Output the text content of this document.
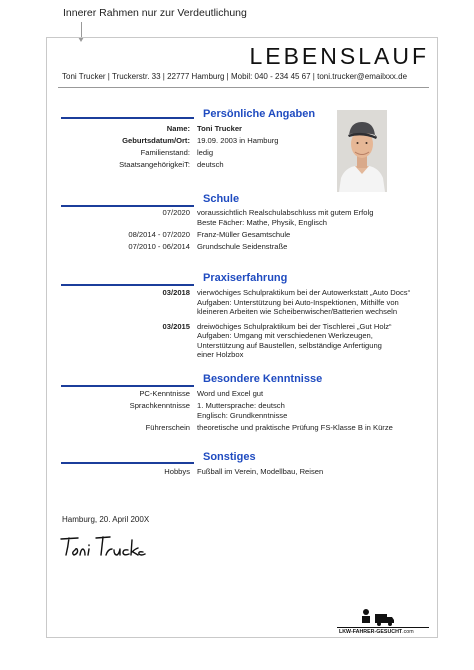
Innerer Rahmen nur zur Verdeutlichung
LEBENSLAUF
Toni Trucker | Truckerstr. 33 | 22777 Hamburg | Mobil: 040 - 234 45 67 | toni.trucker@emailxxx.de
Persönliche Angaben
Name: Toni Trucker
Geburtsdatum/Ort: 19.09. 2003 in Hamburg
Familienstand: ledig
StaatsangehörigkeiT: deutsch
Schule
07/2020 voraussichtlich Realschulabschluss mit gutem Erfolg
Beste Fächer: Mathe, Physik, Englisch
08/2014 - 07/2020 Franz-Müller Gesamtschule
07/2010 - 06/2014 Grundschule Seidenstraße
Praxiserfahrung
03/2018 vierwöchiges Schulpraktikum bei der Autowerkstatt „Auto Docs“
Aufgaben: Unterstützung bei Auto-Inspektionen, Mithilfe von
kleineren Arbeiten wie Scheibenwischer/Batterien wechseln
03/2015 dreiwöchiges Schulpraktikum bei der Tischlerei „Gut Holz“
Aufgaben: Umgang mit verschiedenen Werkzeugen,
Unterstützung auf Baustellen, selbständige Anfertigung
einer Holzbox
Besondere Kenntnisse
PC-Kenntnisse Word und Excel gut
Sprachkenntnisse 1. Muttersprache: deutsch
Englisch: Grundkenntnisse
Führerschein theoretische und praktische Prüfung FS-Klasse B in Kürze
Sonstiges
Hobbys Fußball im Verein, Modellbau, Reisen
Hamburg, 20. April 200X
LKW-FAHRER-GESUCHT.com
